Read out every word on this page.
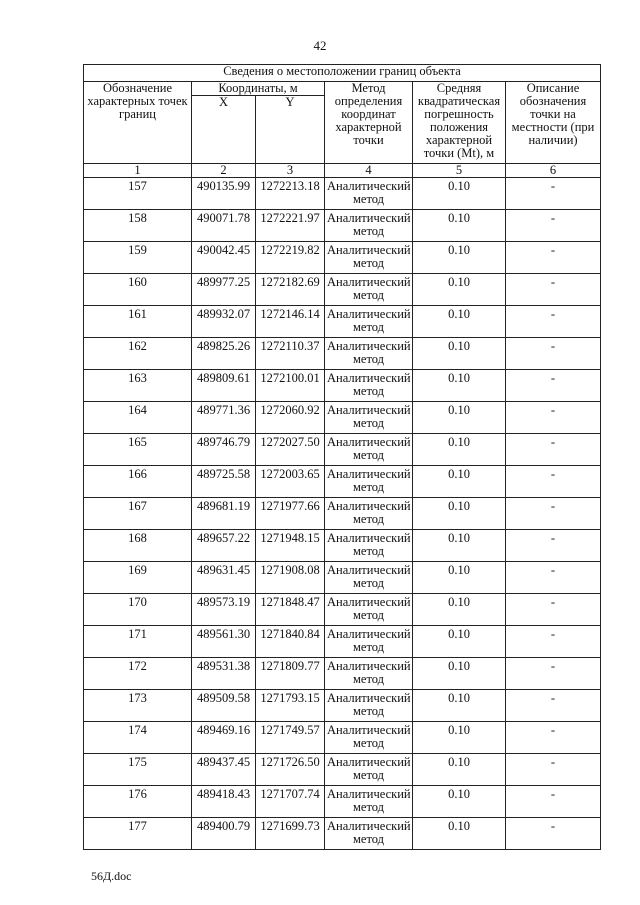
42
Сведения о местоположении границ объекта					
Обозначение характерных точек границ	Координаты, м		Метод определения координат характерной точки	Средняя квадратическая погрешность положения характерной точки (Mt), м	Описание обозначения точки на местности (при наличии)
	X	Y			
1	2	3	4	5	6
157	490135.99	1272213.18	Аналитический метод	0.10	-
158	490071.78	1272221.97	Аналитический метод	0.10	-
159	490042.45	1272219.82	Аналитический метод	0.10	-
160	489977.25	1272182.69	Аналитический метод	0.10	-
161	489932.07	1272146.14	Аналитический метод	0.10	-
162	489825.26	1272110.37	Аналитический метод	0.10	-
163	489809.61	1272100.01	Аналитический метод	0.10	-
164	489771.36	1272060.92	Аналитический метод	0.10	-
165	489746.79	1272027.50	Аналитический метод	0.10	-
166	489725.58	1272003.65	Аналитический метод	0.10	-
167	489681.19	1271977.66	Аналитический метод	0.10	-
168	489657.22	1271948.15	Аналитический метод	0.10	-
169	489631.45	1271908.08	Аналитический метод	0.10	-
170	489573.19	1271848.47	Аналитический метод	0.10	-
171	489561.30	1271840.84	Аналитический метод	0.10	-
172	489531.38	1271809.77	Аналитический метод	0.10	-
173	489509.58	1271793.15	Аналитический метод	0.10	-
174	489469.16	1271749.57	Аналитический метод	0.10	-
175	489437.45	1271726.50	Аналитический метод	0.10	-
176	489418.43	1271707.74	Аналитический метод	0.10	-
177	489400.79	1271699.73	Аналитический метод	0.10	-
56Д.doc
